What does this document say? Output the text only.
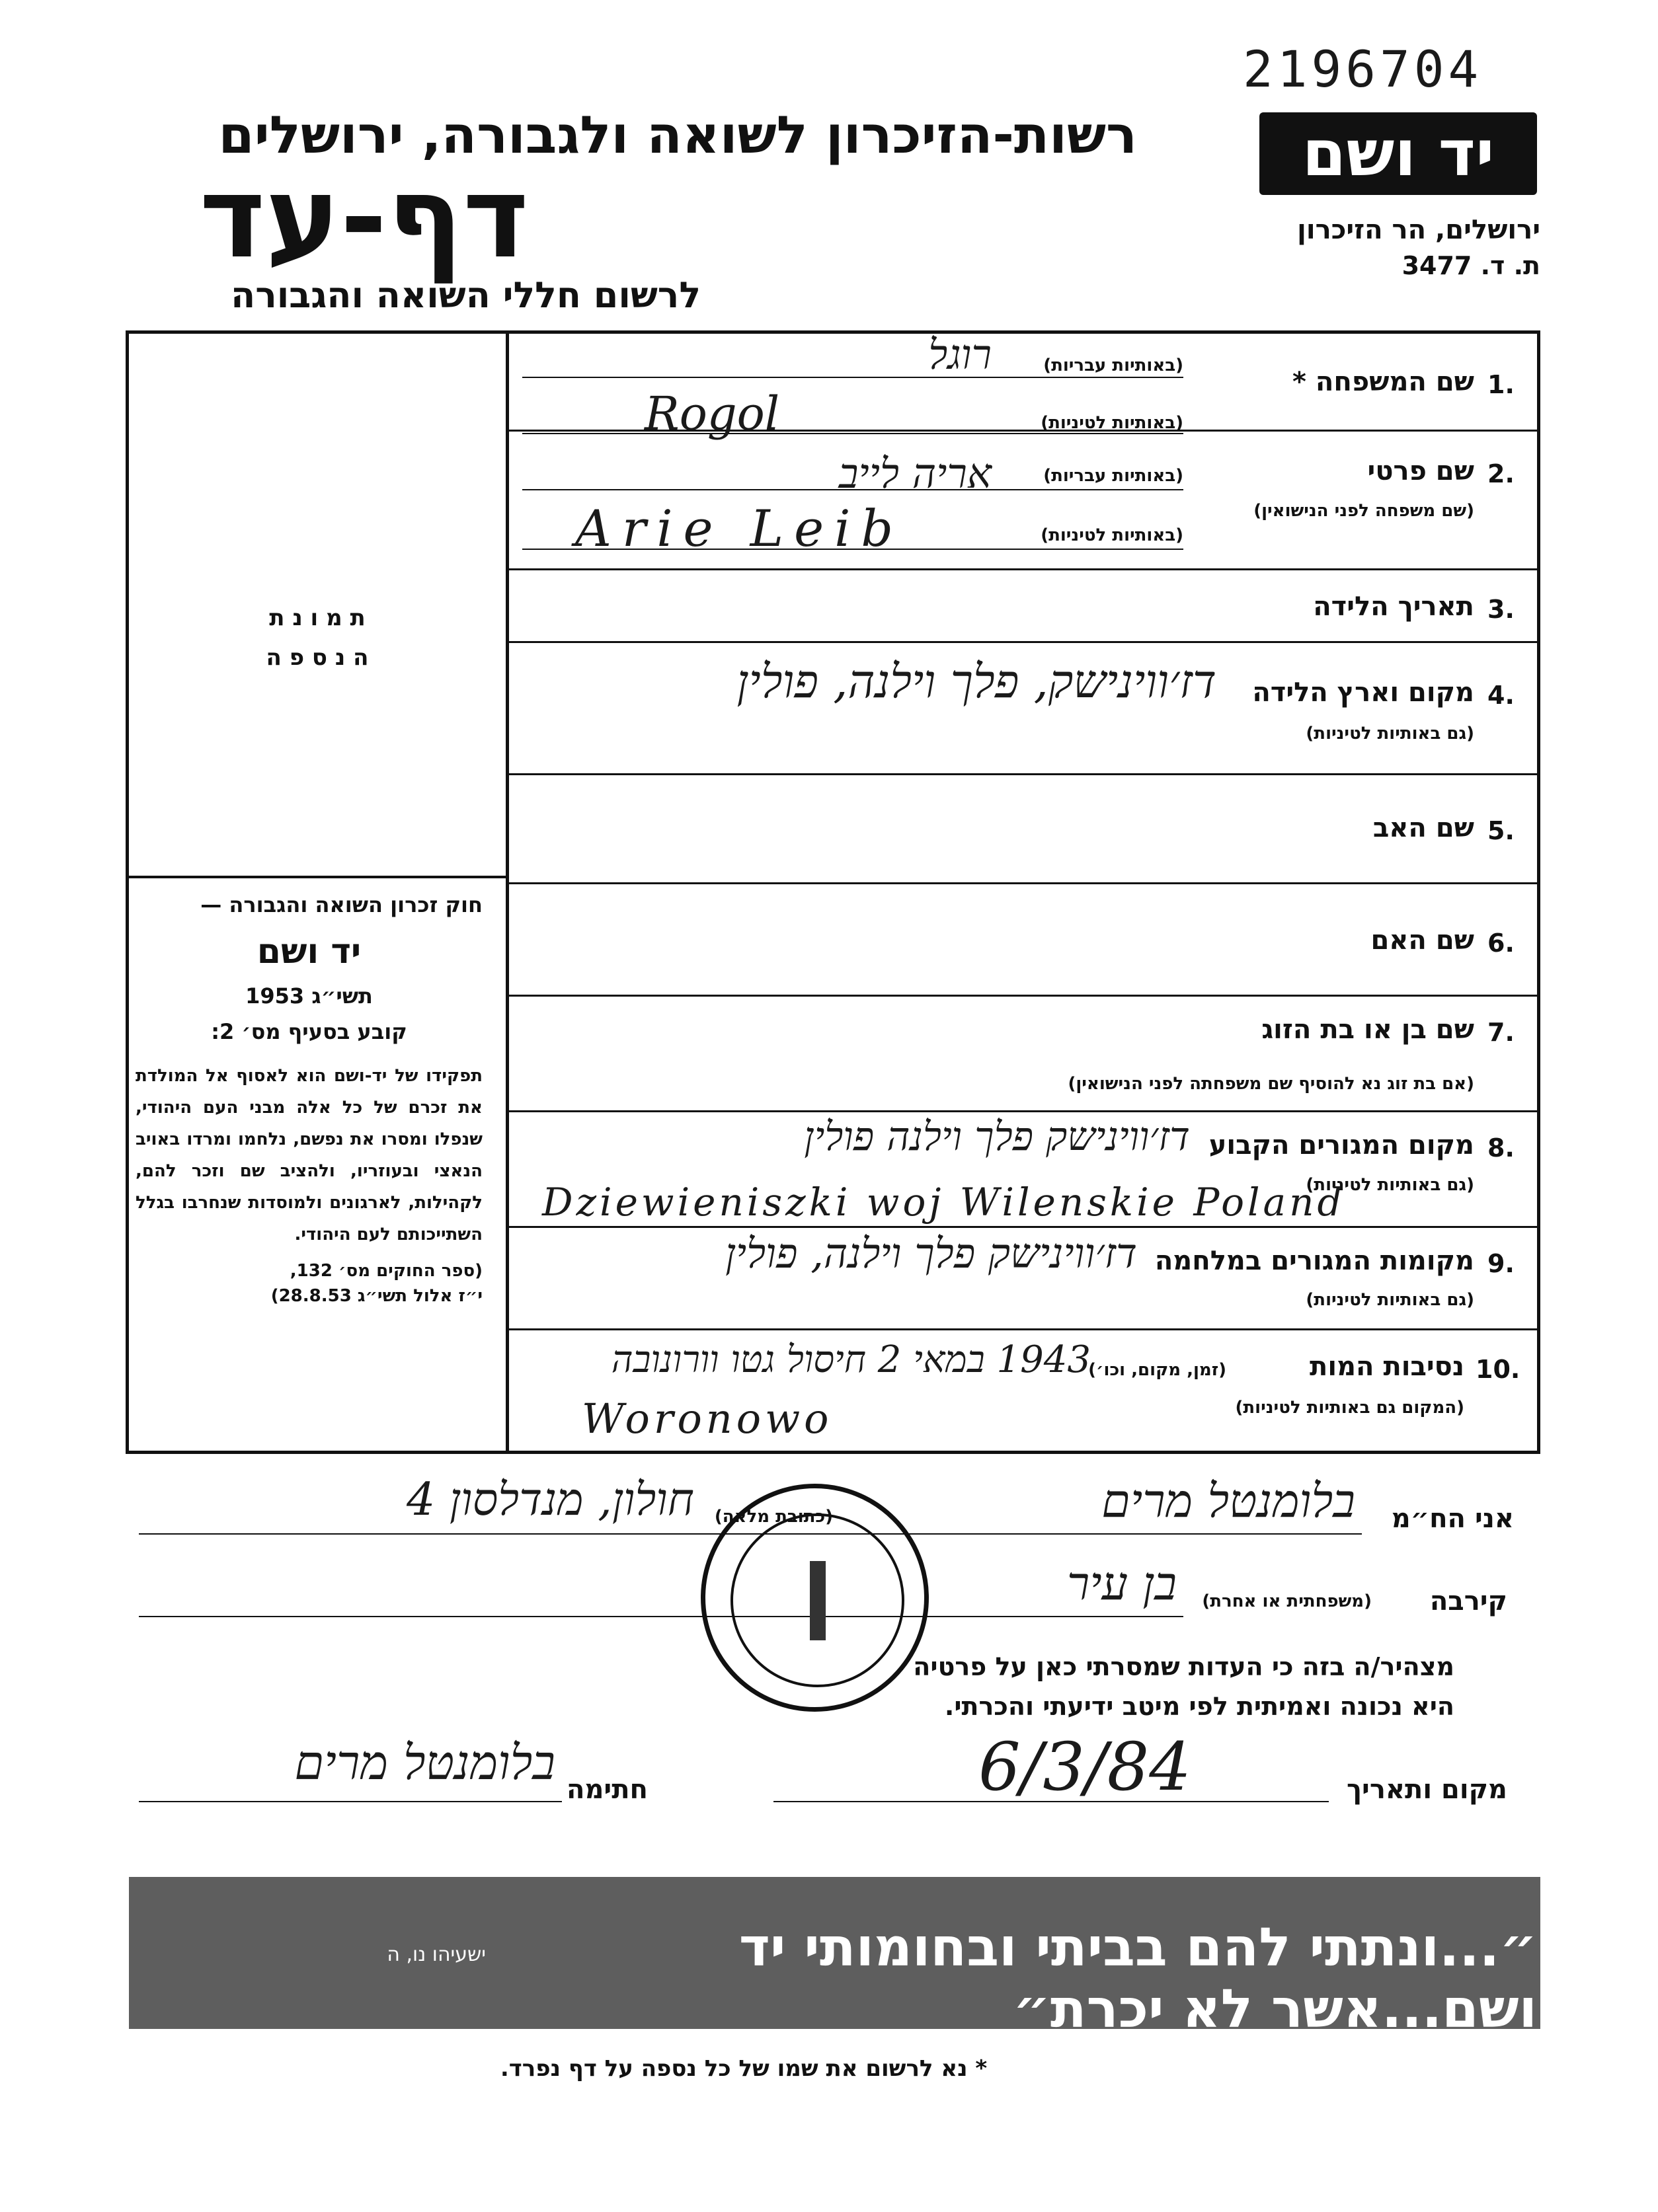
2196704
רשות-הזיכרון לשואה ולגבורה, ירושלים
דף-עד
לרשום חללי השואה והגבורה
יד ושם
ירושלים, הר הזיכרון
ת. ד. 3477
ת מ ו נ ת
ה נ ס פ ה
חוק זכרון השואה והגבורה —
יד ושם
תשי״ג 1953
קובע בסעיף מס׳ 2:
תפקידו של יד-ושם הוא לאסוף אל המולדת את זכרם של כל אלה מבני העם היהודי, שנפלו ומסרו את נפשם, נלחמו ומרדו באויב הנאצי ובעוזריו, ולהציב שם וזכר להם, לקהילות, לארגונים ולמוסדות שנחרבו בגלל השתייכותם לעם היהודי.
(ספר החוקים מס׳ 132,
י״ז אלול תשי״ג 28.8.53)
1.
שם המשפחה *
(באותיות עבריות)
רוגל
(באותיות לטיניות)
Rogol
2.
שם פרטי
(שם משפחה לפני הנישואין)
(באותיות עבריות)
אריה לייב
(באותיות לטיניות)
Arie Leib
3.
תאריך הלידה
4.
מקום וארץ הלידה
(גם באותיות לטיניות)
דז׳ווינישק, פלך וילנה, פולין
5.
שם האב
6.
שם האם
7.
שם בן או בת הזוג
(אם בת זוג נא להוסיף שם משפחתה לפני הנישואין)
8.
מקום המגורים הקבוע
(גם באותיות לטיניות)
דז׳ווינישק פלך וילנה פולין
Dziewieniszki woj Wilenskie Poland
9.
מקומות המגורים במלחמה
(גם באותיות לטיניות)
דז׳ווינישק פלך וילנה, פולין
10.
נסיבות המות
(זמן, מקום, וכו׳)
(המקום גם באותיות לטיניות)
1943 במאי 2 חיסול גטו וורונובה
Woronowo
אני הח״מ
בלומנטל מרים
(כתובת מלאה)
חולון, מנדלסון 4
קירבה
(משפחתית או אחרת)
בן עיר
מצהיר/ה בזה כי העדות שמסרתי כאן על פרטיה
היא נכונה ואמיתית לפי מיטב ידיעתי והכרתי.
חתימה
בלומנטל מרים	מקום ותאריך
6/3/84
״...ונתתי להם בביתי ובחומותי יד ושם...אשר לא יכרת״
ישעיהו נו, ה
* נא לרשום את שמו של כל נספה על דף נפרד.
